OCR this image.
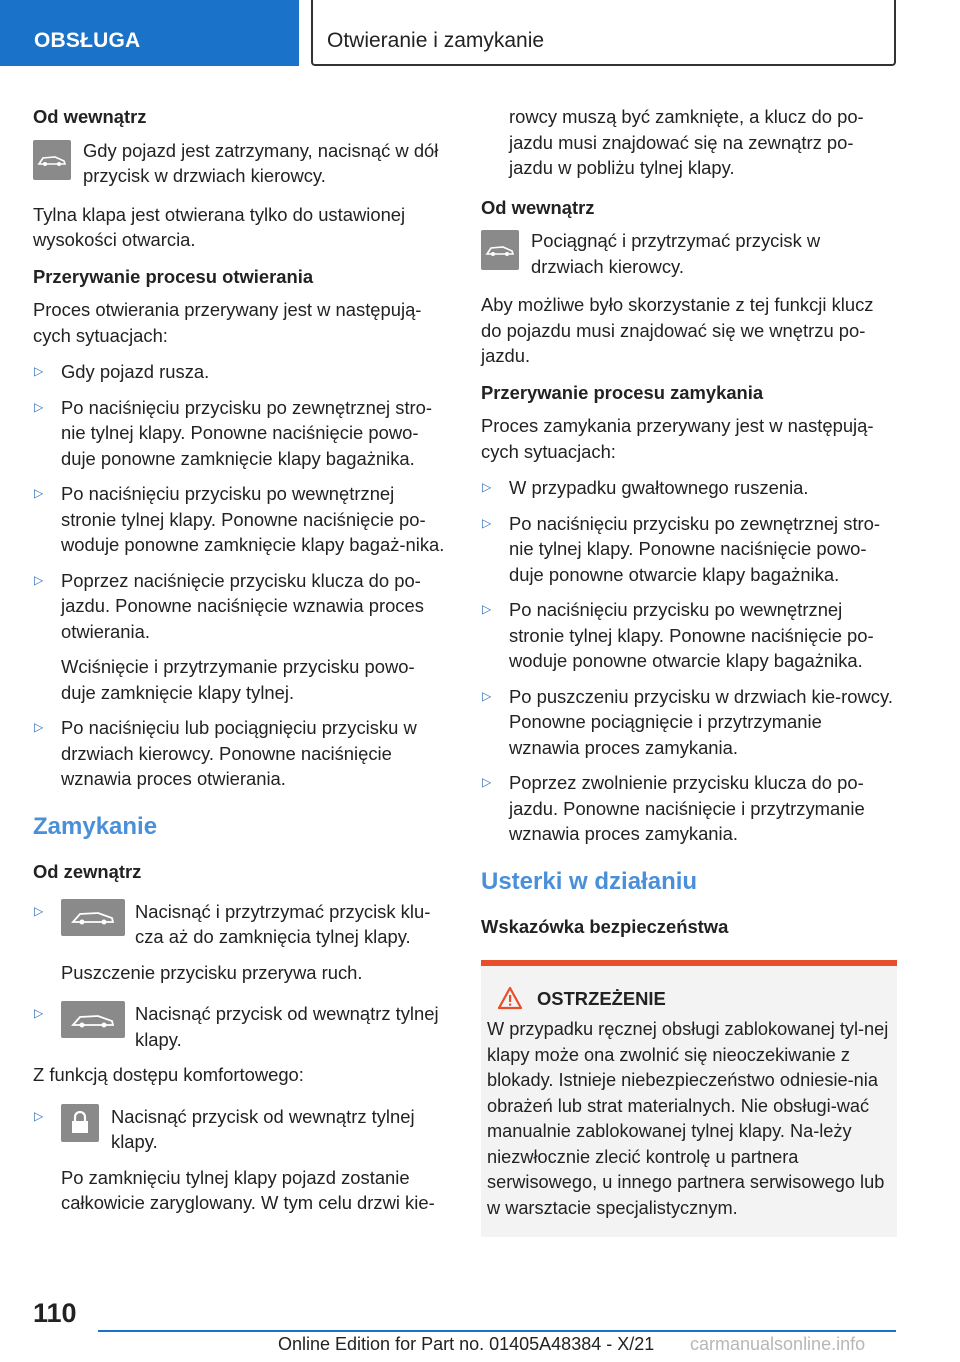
OBSŁUGA	Otwieranie i zamykanie
Od wewnątrz
Gdy pojazd jest zatrzymany, nacisnąć w dół przycisk w drzwiach kierowcy.
Tylna klapa jest otwierana tylko do ustawionej wysokości otwarcia.
Przerywanie procesu otwierania
Proces otwierania przerywany jest w następują-cych sytuacjach:
▷ Gdy pojazd rusza.
▷ Po naciśnięciu przycisku po zewnętrznej stro-nie tylnej klapy. Ponowne naciśnięcie powo-duje ponowne zamknięcie klapy bagażnika.
▷ Po naciśnięciu przycisku po wewnętrznej stronie tylnej klapy. Ponowne naciśnięcie po-woduje ponowne zamknięcie klapy bagaż-nika.
▷ Poprzez naciśnięcie przycisku klucza do po-jazdu. Ponowne naciśnięcie wznawia proces otwierania.
Wciśnięcie i przytrzymanie przycisku powo-duje zamknięcie klapy tylnej.
▷ Po naciśnięciu lub pociągnięciu przycisku w drzwiach kierowcy. Ponowne naciśnięcie wznawia proces otwierania.
Zamykanie
Od zewnątrz
▷	Nacisnąć i przytrzymać przycisk klu-cza aż do zamknięcia tylnej klapy.
Puszczenie przycisku przerywa ruch.
▷	Nacisnąć przycisk od wewnątrz tylnej klapy.
Z funkcją dostępu komfortowego:
▷	Nacisnąć przycisk od wewnątrz tylnej klapy.
Po zamknięciu tylnej klapy pojazd zostanie całkowicie zaryglowany. W tym celu drzwi kie-
rowcy muszą być zamknięte, a klucz do po-jazdu musi znajdować się na zewnątrz po-jazdu w pobliżu tylnej klapy.
Od wewnątrz
Pociągnąć i przytrzymać przycisk w drzwiach kierowcy.
Aby możliwe było skorzystanie z tej funkcji klucz do pojazdu musi znajdować się we wnętrzu po-jazdu.
Przerywanie procesu zamykania
Proces zamykania przerywany jest w następują-cych sytuacjach:
▷ W przypadku gwałtownego ruszenia.
▷ Po naciśnięciu przycisku po zewnętrznej stro-nie tylnej klapy. Ponowne naciśnięcie powo-duje ponowne otwarcie klapy bagażnika.
▷ Po naciśnięciu przycisku po wewnętrznej stronie tylnej klapy. Ponowne naciśnięcie po-woduje ponowne otwarcie klapy bagażnika.
▷ Po puszczeniu przycisku w drzwiach kie-rowcy. Ponowne pociągnięcie i przytrzymanie wznawia proces zamykania.
▷ Poprzez zwolnienie przycisku klucza do po-jazdu. Ponowne naciśnięcie i przytrzymanie wznawia proces zamykania.
Usterki w działaniu
Wskazówka bezpieczeństwa
OSTRZEŻENIE
W przypadku ręcznej obsługi zablokowanej tyl-nej klapy może ona zwolnić się nieoczekiwanie z blokady. Istnieje niebezpieczeństwo odniesie-nia obrażeń lub strat materialnych. Nie obsługi-wać manualnie zablokowanej tylnej klapy. Na-leży niezwłocznie zlecić kontrolę u partnera serwisowego, u innego partnera serwisowego lub w warsztacie specjalistycznym.
110
Online Edition for Part no. 01405A48384 - X/21 carmanualsonline.info
